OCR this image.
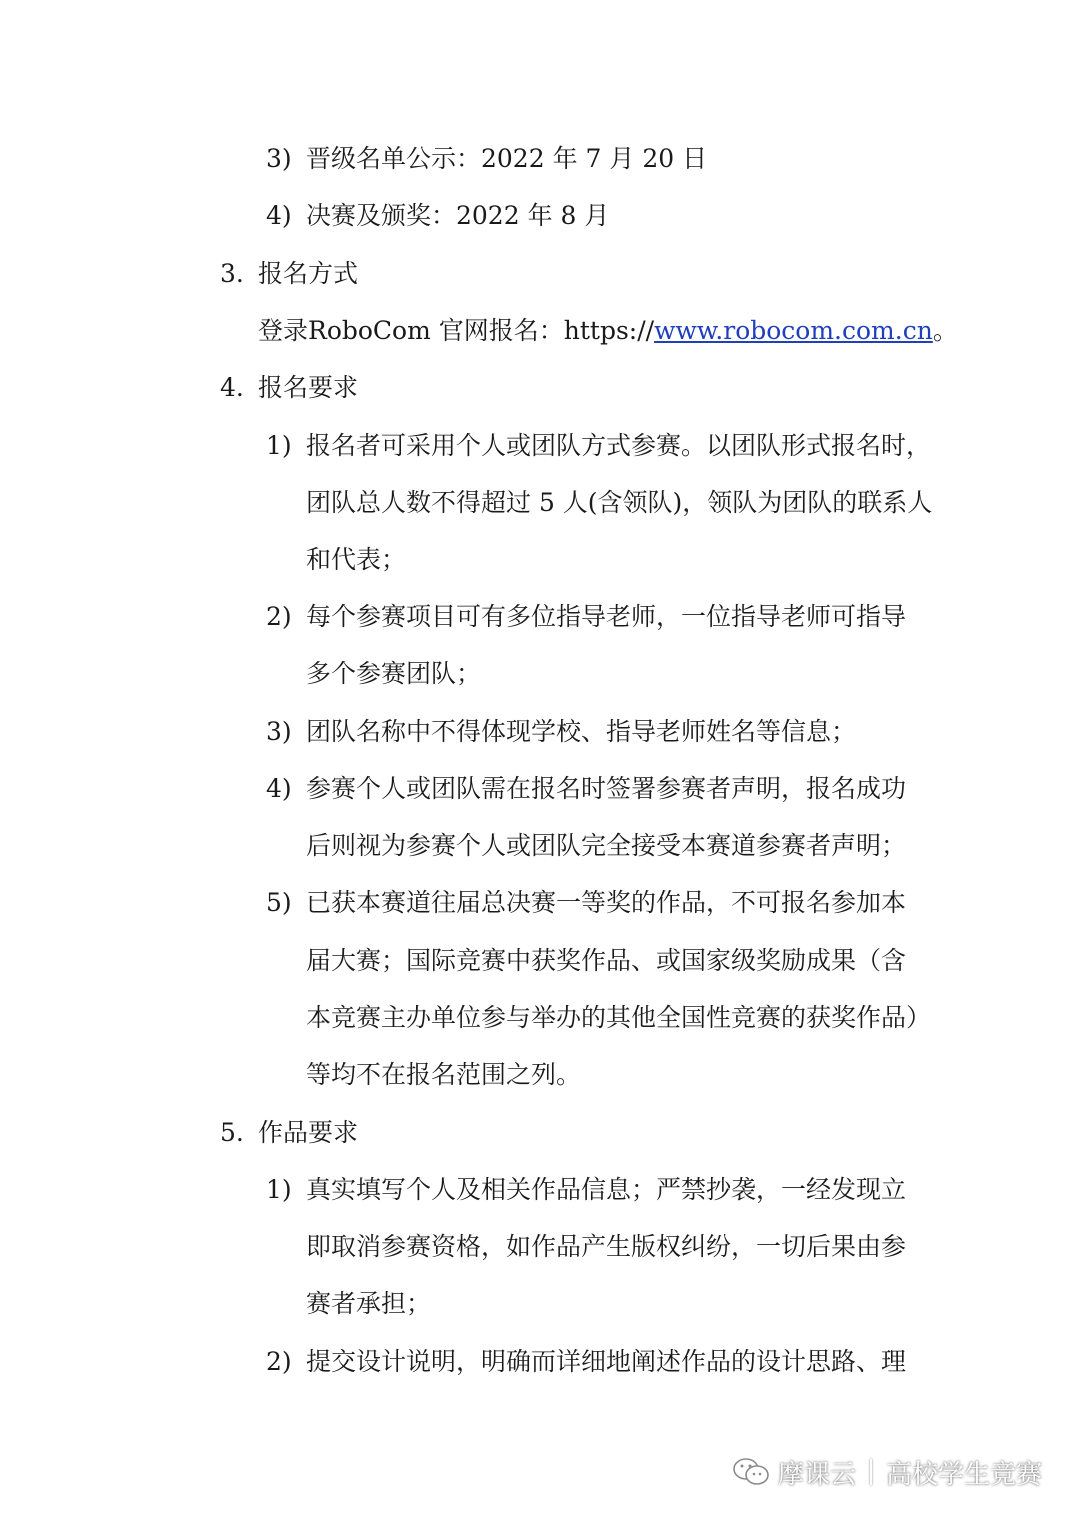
3) 晋级名单公示：2022 年 7 月 20 日
4) 决赛及颁奖：2022 年 8 月
3. 报名方式
登录RoboCom 官网报名：https://www.robocom.com.cn。
4. 报名要求
1) 报名者可采用个人或团队方式参赛。以团队形式报名时，
团队总人数不得超过 5 人(含领队)，领队为团队的联系人
和代表；
2) 每个参赛项目可有多位指导老师，一位指导老师可指导
多个参赛团队；
3) 团队名称中不得体现学校、指导老师姓名等信息；
4) 参赛个人或团队需在报名时签署参赛者声明，报名成功
后则视为参赛个人或团队完全接受本赛道参赛者声明；
5) 已获本赛道往届总决赛一等奖的作品，不可报名参加本
届大赛；国际竞赛中获奖作品、或国家级奖励成果（含
本竞赛主办单位参与举办的其他全国性竞赛的获奖作品）
等均不在报名范围之列。
5. 作品要求
1) 真实填写个人及相关作品信息；严禁抄袭，一经发现立
即取消参赛资格，如作品产生版权纠纷，一切后果由参
赛者承担；
2) 提交设计说明，明确而详细地阐述作品的设计思路、理
摩课云 高校学生竞赛
